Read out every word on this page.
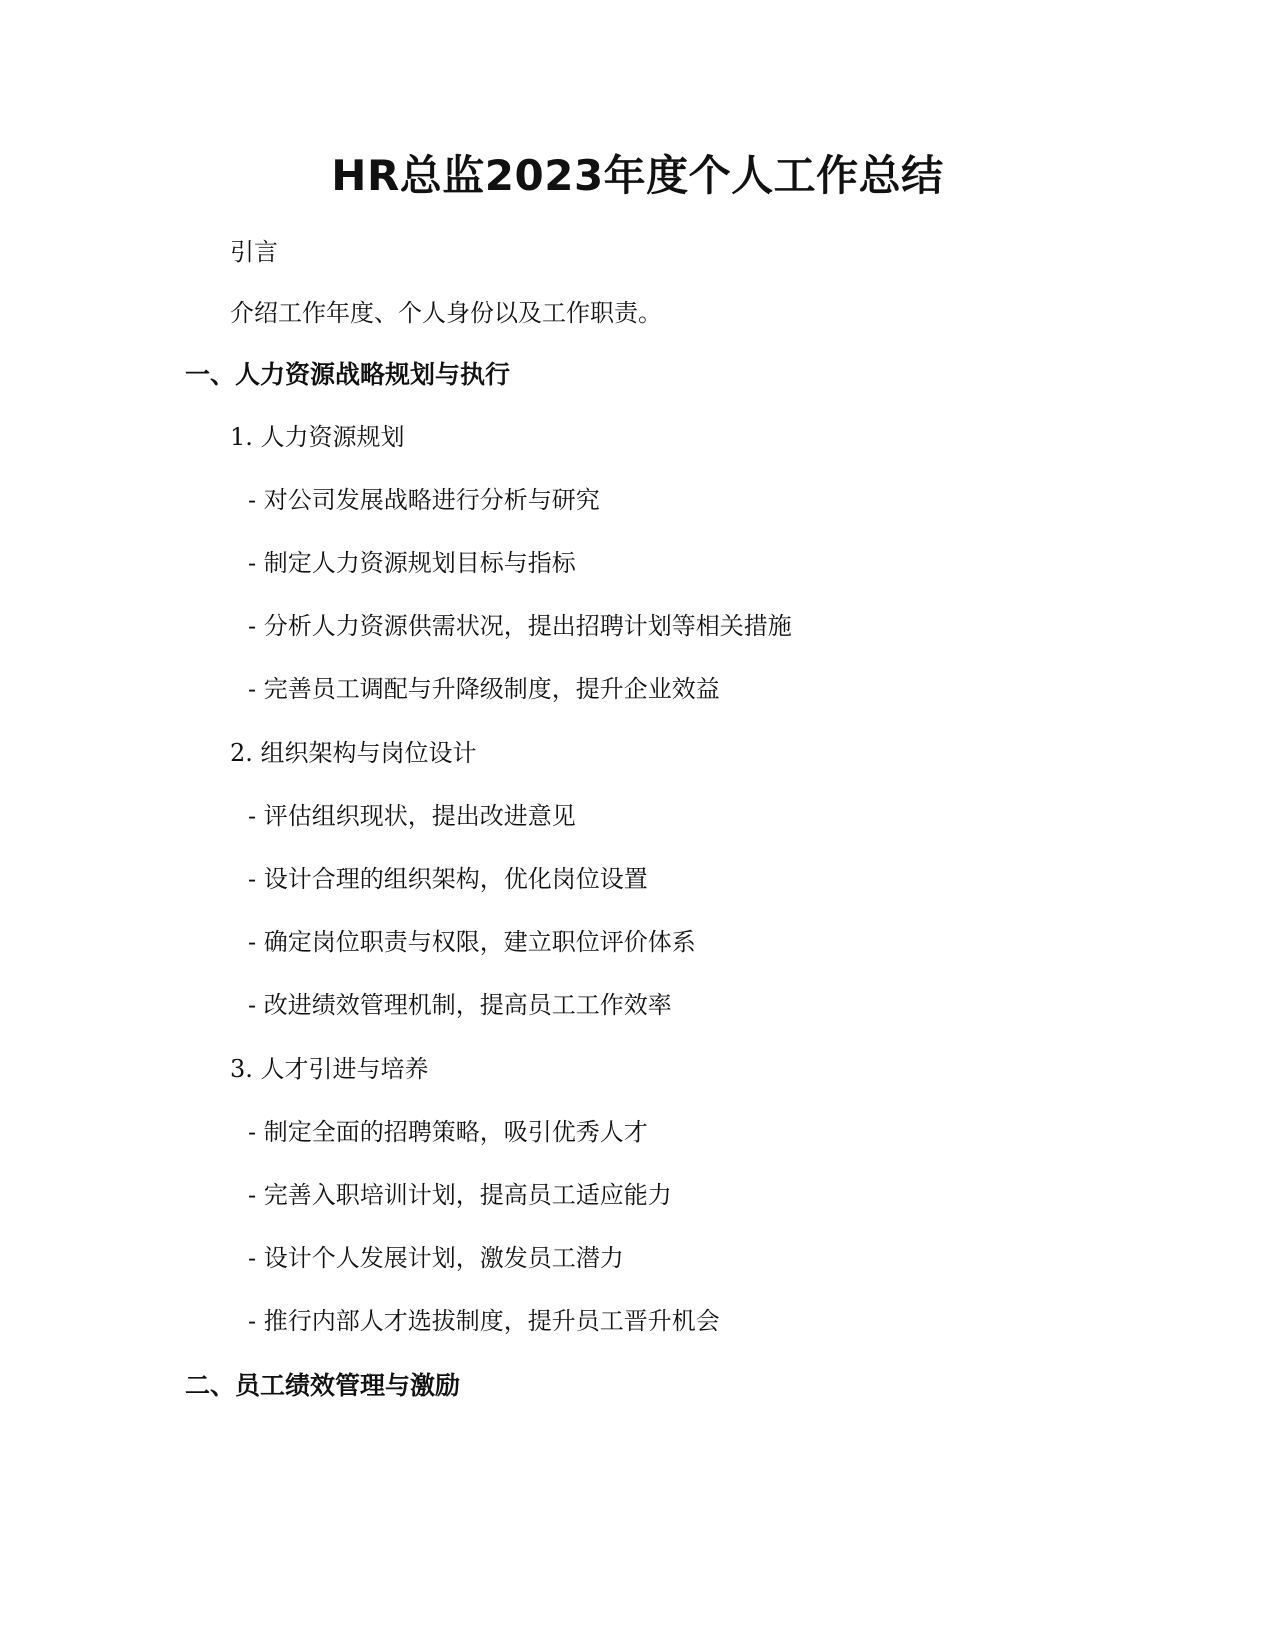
HR总监2023年度个人工作总结
引言
介绍工作年度、个人身份以及工作职责。
一、人力资源战略规划与执行
1. 人力资源规划
- 对公司发展战略进行分析与研究
- 制定人力资源规划目标与指标
- 分析人力资源供需状况，提出招聘计划等相关措施
- 完善员工调配与升降级制度，提升企业效益
2. 组织架构与岗位设计
- 评估组织现状，提出改进意见
- 设计合理的组织架构，优化岗位设置
- 确定岗位职责与权限，建立职位评价体系
- 改进绩效管理机制，提高员工工作效率
3. 人才引进与培养
- 制定全面的招聘策略，吸引优秀人才
- 完善入职培训计划，提高员工适应能力
- 设计个人发展计划，激发员工潜力
- 推行内部人才选拔制度，提升员工晋升机会
二、员工绩效管理与激励
